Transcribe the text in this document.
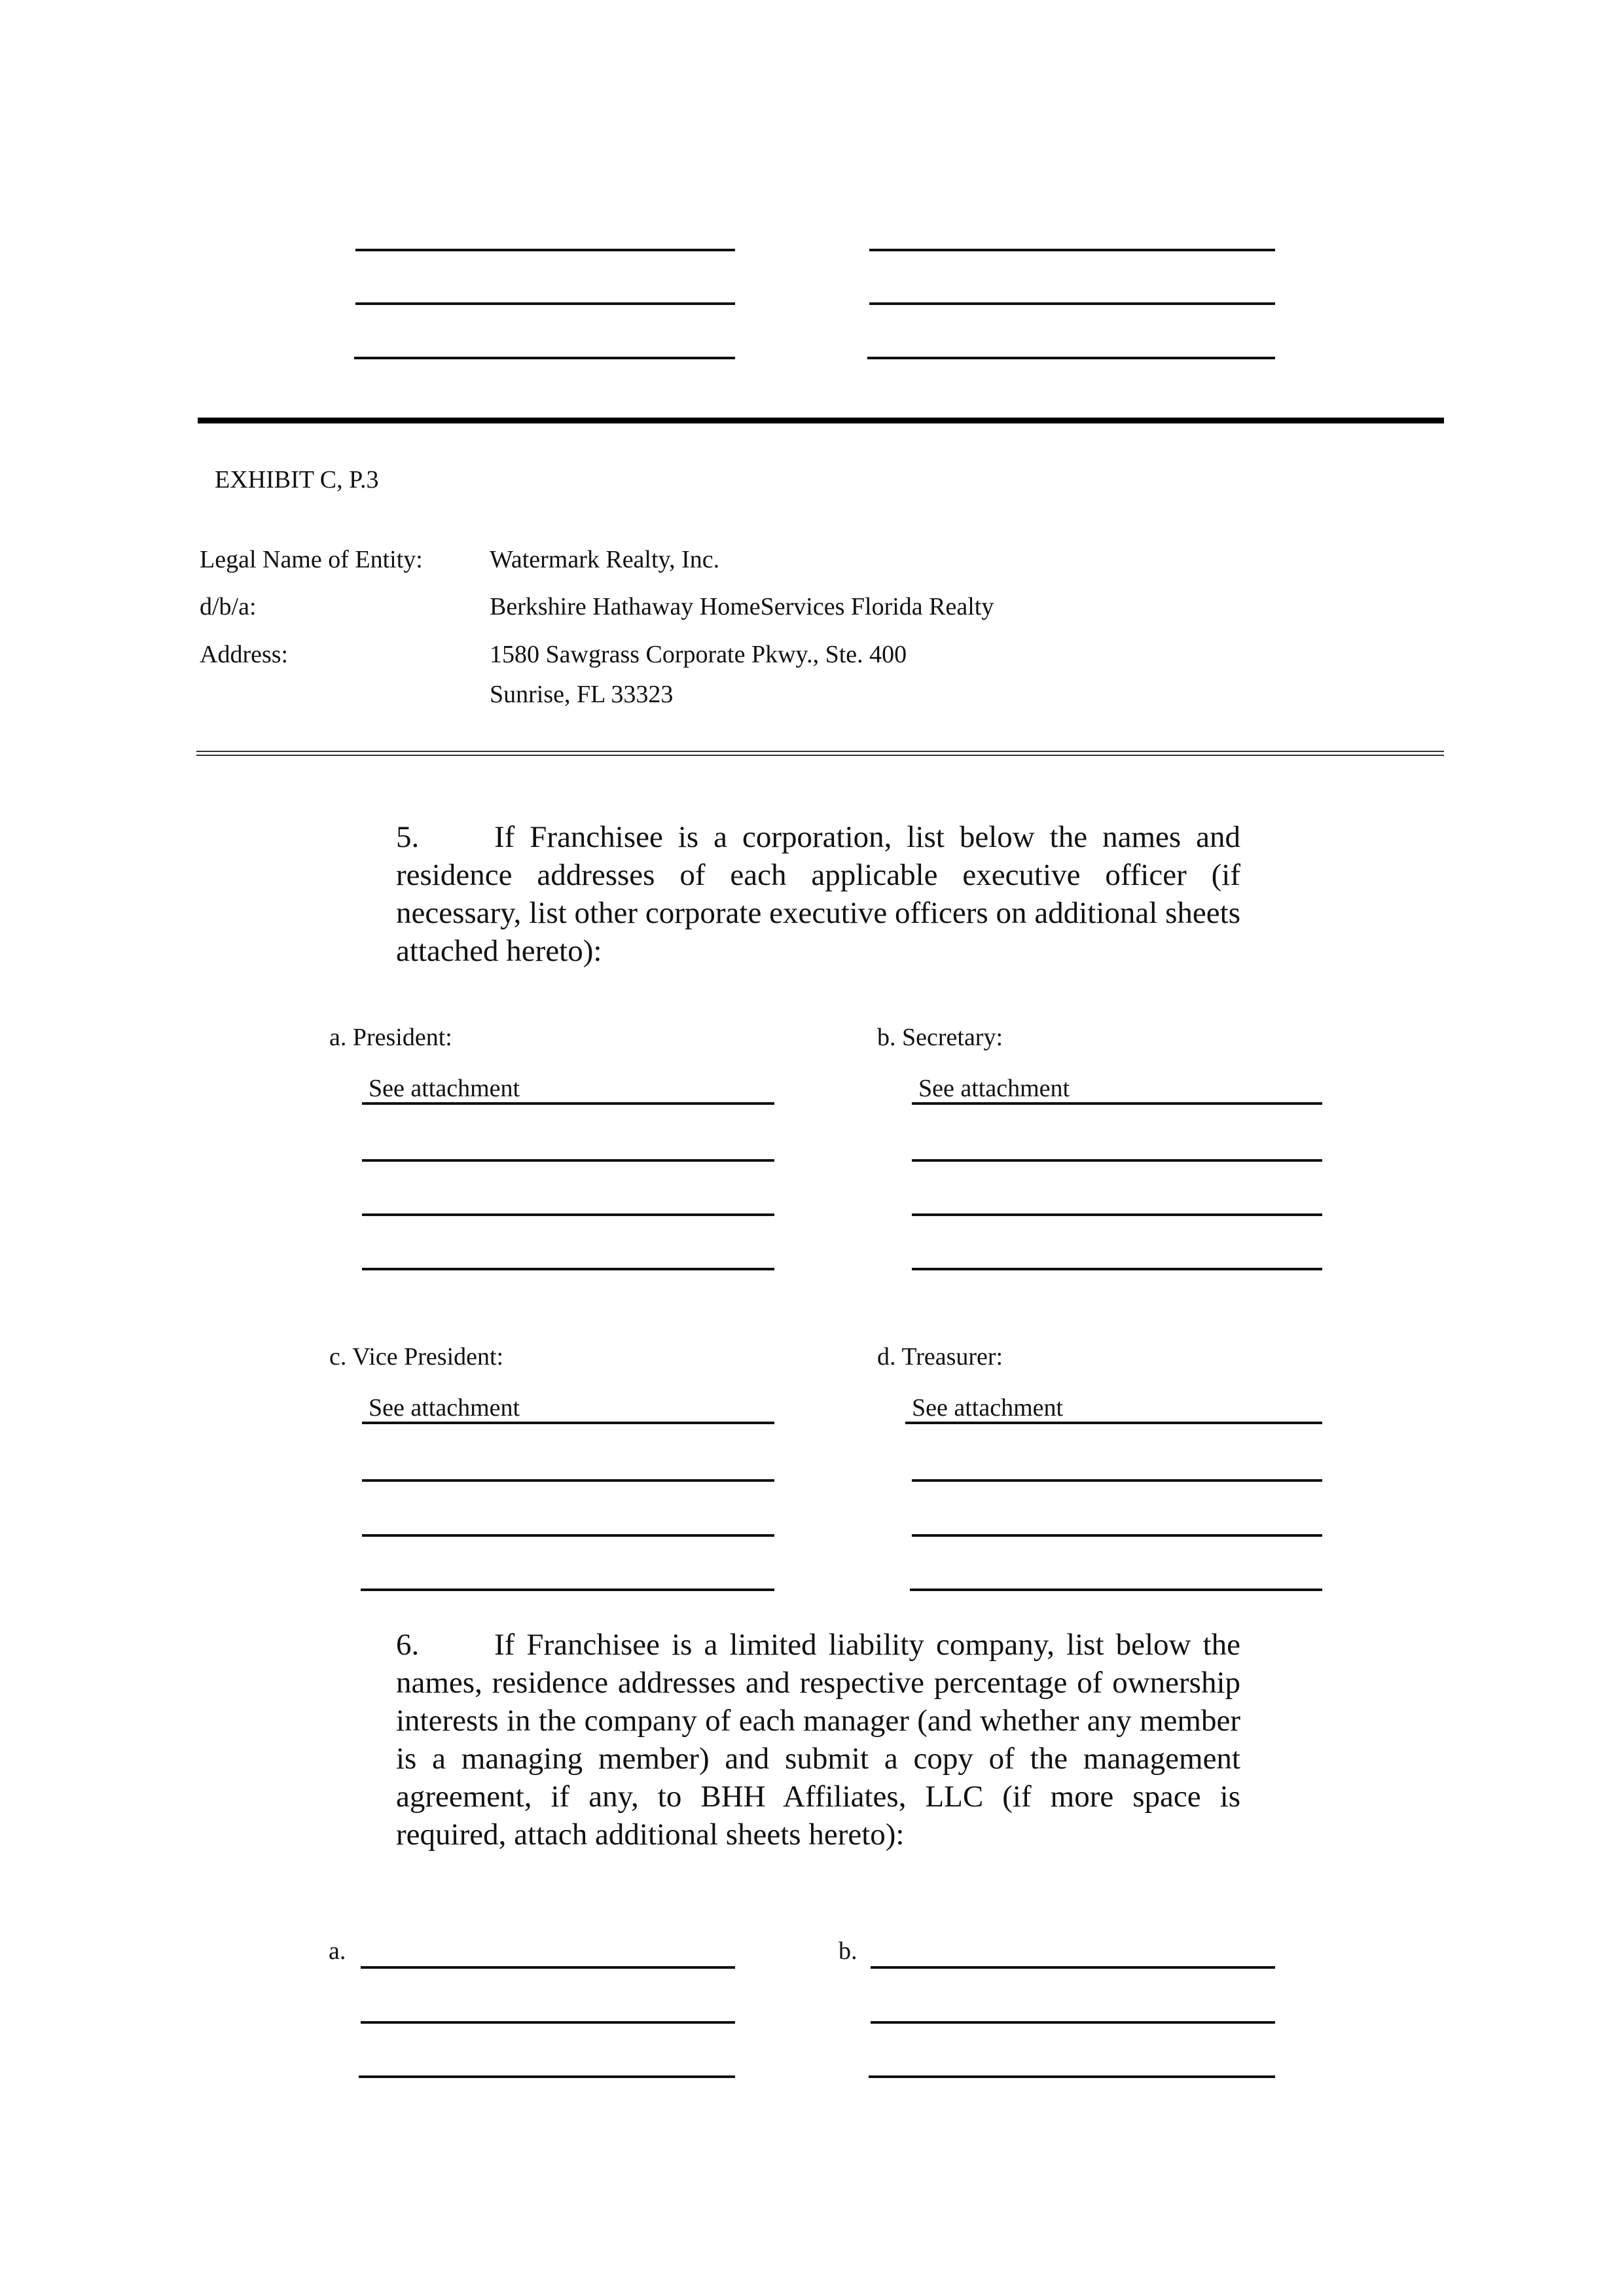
EXHIBIT C, P.3
Legal Name of Entity:	Watermark Realty, Inc.
d/b/a:	Berkshire Hathaway HomeServices Florida Realty
Address:	1580 Sawgrass Corporate Pkwy., Ste. 400
Sunrise, FL 33323
5. If Franchisee is a corporation, list below the names and residence addresses of each applicable executive officer (if necessary, list other corporate executive officers on additional sheets attached hereto):
a. President:	b. Secretary:
See attachment	See attachment
c. Vice President:	d. Treasurer:
See attachment	See attachment
6. If Franchisee is a limited liability company, list below the names, residence addresses and respective percentage of ownership interests in the company of each manager (and whether any member is a managing member) and submit a copy of the management agreement, if any, to BHH Affiliates, LLC (if more space is required, attach additional sheets hereto):
a.	b.
